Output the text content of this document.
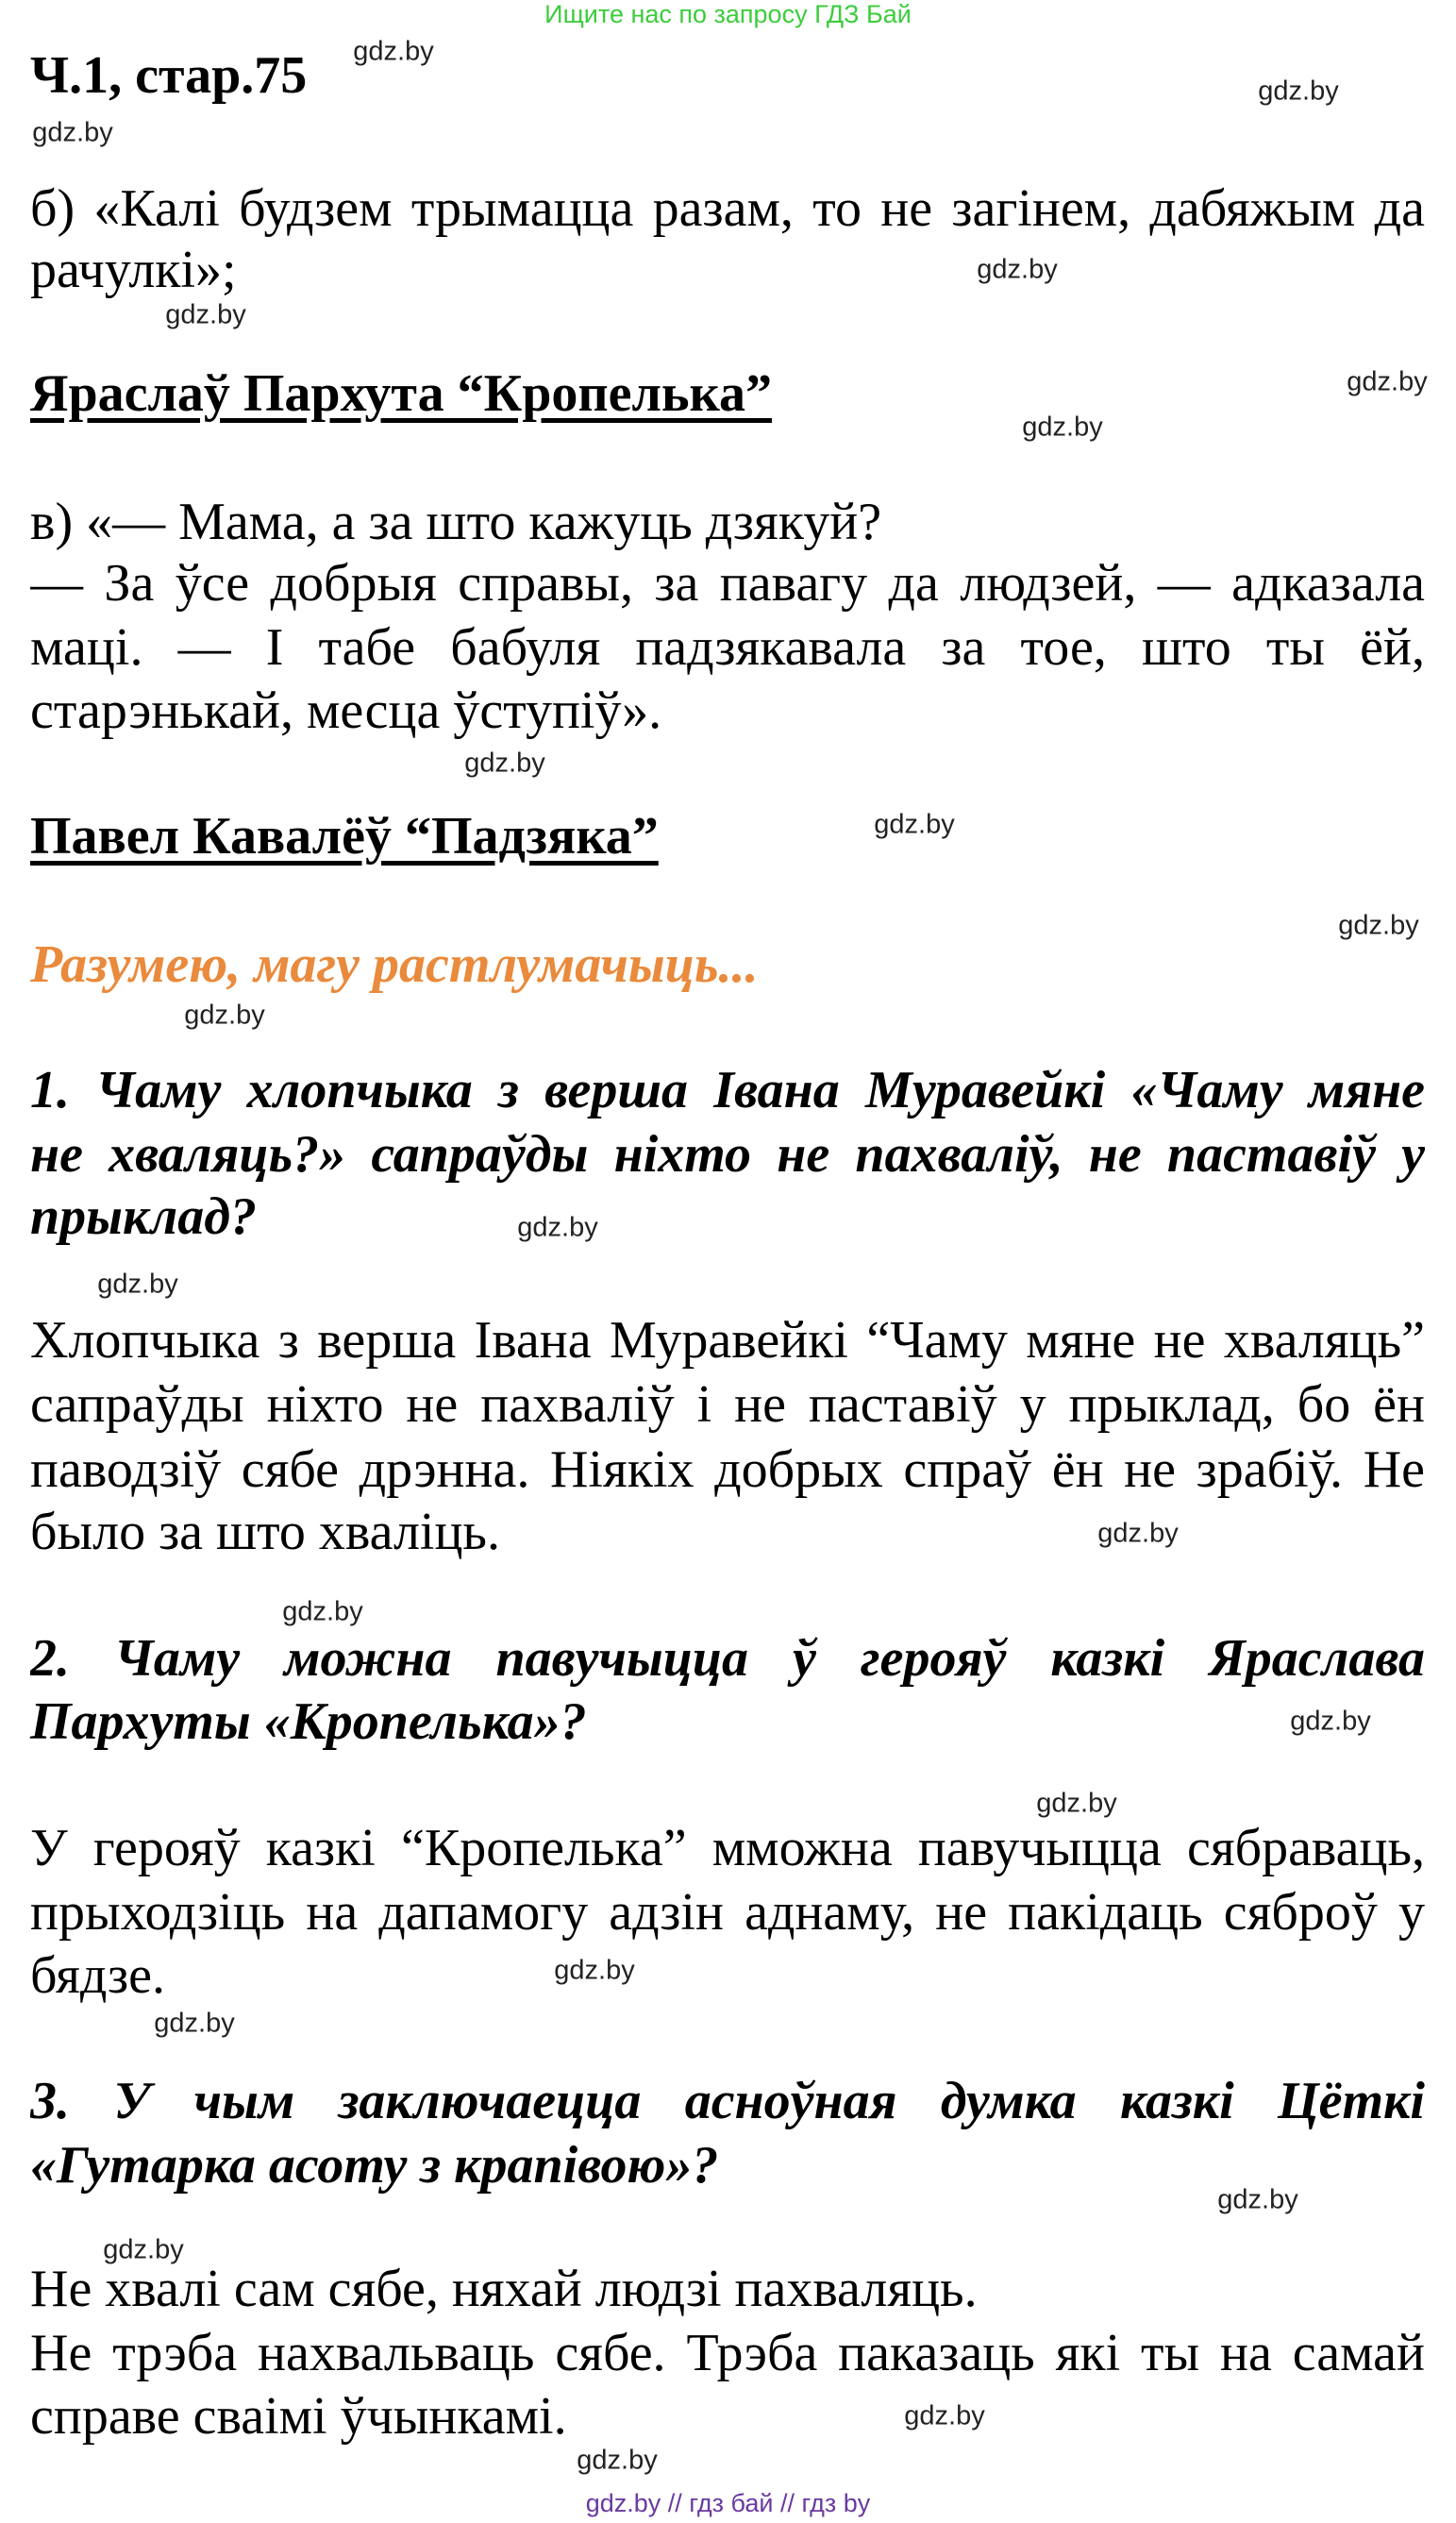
Ищите нас по запросу ГДЗ Бай
Ч.1, стар.75
б) «Калі будзем трымацца разам, то не загінем, дабяжым да
рачулкі»;
Яраслаў Пархута “Кропелька”
в) «— Мама, а за што кажуць дзякуй?
— За ўсе добрыя справы, за павагу да людзей, — адказала
маці. — І табе бабуля падзякавала за тое, што ты ёй,
старэнькай, месца ўступіў».
Павел Кавалёў “Падзяка”
Разумею, магу растлумачыць...
1. Чаму хлопчыка з верша Івана Муравейкі «Чаму мяне
не хваляць?» сапраўды ніхто не пахваліў, не паставіў у
прыклад?
Хлопчыка з верша Івана Муравейкі “Чаму мяне не хваляць”
сапраўды ніхто не пахваліў і не паставіў у прыклад, бо ён
паводзіў сябе дрэнна. Ніякіх добрых спраў ён не зрабіў. Не
было за што хваліць.
2. Чаму можна павучыцца ў герояў казкі Яраслава
Пархуты «Кропелька»?
У герояў казкі “Кропелька” мможна павучыцца сябраваць,
прыходзіць на дапамогу адзін аднаму, не пакідаць сяброў у
бядзе.
3. У чым заключаецца асноўная думка казкі Цёткі
«Гутарка асоту з крапівою»?
Не хвалі сам сябе, няхай людзі пахваляць.
Не трэба нахвальваць сябе. Трэба паказаць які ты на самай
справе сваімі ўчынкамі.
gdz.by
gdz.by
gdz.by
gdz.by
gdz.by
gdz.by
gdz.by
gdz.by
gdz.by
gdz.by
gdz.by
gdz.by
gdz.by
gdz.by
gdz.by
gdz.by
gdz.by
gdz.by
gdz.by
gdz.by
gdz.by
gdz.by
gdz.by
gdz.by // гдз бай // гдз by
